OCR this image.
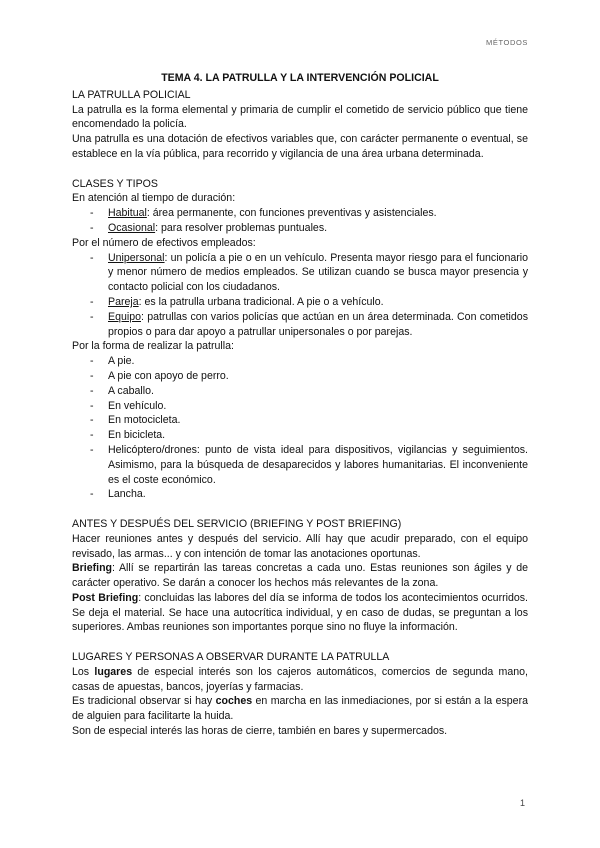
MÉTODOS

TEMA 4. LA PATRULLA Y LA INTERVENCIÓN POLICIAL

LA PATRULLA POLICIAL

La patrulla es la forma elemental y primaria de cumplir el cometido de servicio público que tiene encomendado la policía.

Una patrulla es una dotación de efectivos variables que, con carácter permanente o eventual, se establece en la vía pública, para recorrido y vigilancia de una área urbana determinada.

CLASES Y TIPOS

En atención al tiempo de duración:

- Habitual: área permanente, con funciones preventivas y asistenciales.
- Ocasional: para resolver problemas puntuales.

Por el número de efectivos empleados:

- Unipersonal: un policía a pie o en un vehículo. Presenta mayor riesgo para el funcionario y menor número de medios empleados. Se utilizan cuando se busca mayor presencia y contacto policial con los ciudadanos.
- Pareja: es la patrulla urbana tradicional. A pie o a vehículo.
- Equipo: patrullas con varios policías que actúan en un área determinada. Con cometidos propios o para dar apoyo a patrullar unipersonales o por parejas.

Por la forma de realizar la patrulla:

- A pie.
- A pie con apoyo de perro.
- A caballo.
- En vehículo.
- En motocicleta.
- En bicicleta.
- Helicóptero/drones: punto de vista ideal para dispositivos, vigilancias y seguimientos. Asimismo, para la búsqueda de desaparecidos y labores humanitarias. El inconveniente es el coste económico.
- Lancha.

ANTES Y DESPUÉS DEL SERVICIO (BRIEFING Y POST BRIEFING)

Hacer reuniones antes y después del servicio. Allí hay que acudir preparado, con el equipo revisado, las armas... y con intención de tomar las anotaciones oportunas.

Briefing: Allí se repartirán las tareas concretas a cada uno. Estas reuniones son ágiles y de carácter operativo. Se darán a conocer los hechos más relevantes de la zona.

Post Briefing: concluidas las labores del día se informa de todos los acontecimientos ocurridos. Se deja el material. Se hace una autocrítica individual, y en caso de dudas, se preguntan a los superiores. Ambas reuniones son importantes porque sino no fluye la información.

LUGARES Y PERSONAS A OBSERVAR DURANTE LA PATRULLA

Los lugares de especial interés son los cajeros automáticos, comercios de segunda mano, casas de apuestas, bancos, joyerías y farmacias.

Es tradicional observar si hay coches en marcha en las inmediaciones, por si están a la espera de alguien para facilitarte la huida.

Son de especial interés las horas de cierre, también en bares y supermercados.

1
